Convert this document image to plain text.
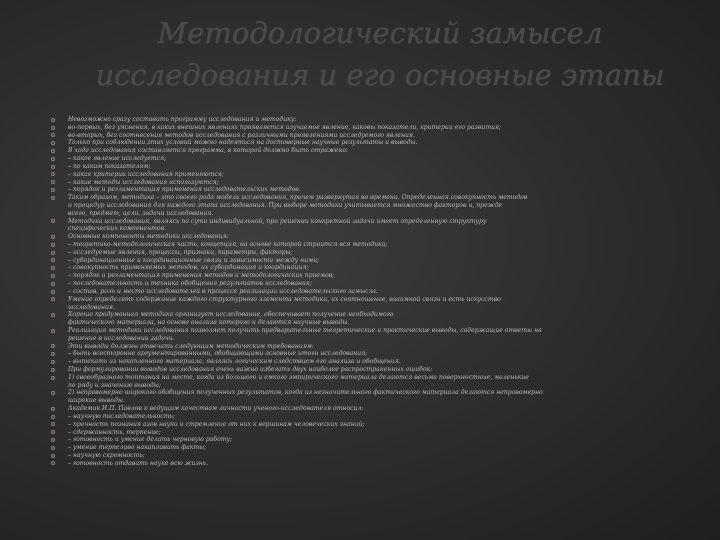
Методологический замысел
исследования и его основные этапы
Невозможно сразу составить программу исследования и методику:
во-первых, без уяснения, в каких внешних явлениях проявляется изучаемое явление, каковы показатели, критерии его развития;
во-вторых, без соотнесения методов исследования с различными проявлениями исследуемого явления.
Только при соблюдении этих условий можно надеяться на достоверные научные результаты и выводы.
В ходе исследования составляется программа, в которой должно быть отражено:
– какое явление исследуется;
– по каким показателям;
– какие критерии исследования применяются;
– какие методы исследования используются;
– порядок и регламентация применения исследовательских методов.
Таким образом, методика – это своего рода модель исследования, причем развернутая во времени. Определенная совокупность методов
и процедур исследования для каждого этапа исследования. При выборе методики учитывается множество факторов и, прежде
всего, предмет, цели, задачи исследования.
Методика исследования, являясь по сути индивидуальной, при решении конкретной задачи имеет определенную структуру
специфических компонентов.
Основные компоненты методики исследования:
– теоретико-методологическая часть, концепция, на основе которой строится вся методика;
– исследуемые явления, процессы, признаки, параметры, факторы;
– субординационные и координационные связи и зависимости между ними;
– совокупность применяемых методов, их субординация и координация;
– порядок и регламентация применения методов и методологических приемов;
– последовательность и техника обобщения результатов исследования;
– состав, роль и место исследователей в процессе реализации исследовательского замысла.
Умение определять содержание каждого структурного элемента методики, их соотношение, взаимной связи и есть искусство
исследования.
Хорошо продуманная методика организует исследование, обеспечивает получение необходимого
фактического материала, на основе анализа которого и делаются научные выводы.
Реализация методики исследования позволяет получить предварительные теоретические и практические выводы, содержащие ответы на
решение в исследовании задачи.
Эти выводы должны отвечать следующим методическим требованиям:
– быть всесторонне аргументированными, обобщающими основные итоги исследования;
– вытекать из накопленного материала, являясь логическим следствием его анализа и обобщения.
При формулировании выводов исследования очень важно избегать двух наиболее распространенных ошибок:
1) своеобразного топтания на месте, когда из большого и емкого эмпирического материала делаются весьма поверхностные, маленькие
по ряду и значению выводы;
2) неправомерно широкого обобщения полученных результатов, когда из незначительного фактического материала делаются неправомерно
широкие выводы.
Академик И.П. Павлов к ведущим качествам личности ученого-исследователя относил:
– научную последовательность;
– прочность познания азов науки и стремление от них к вершинам человеческих знаний;
– сдержанность, терпение;
– готовность и умение делать черновую работу;
– умение терпеливо накапливать факты;
– научную скромность;
– готовность отдавать науке всю жизнь.
